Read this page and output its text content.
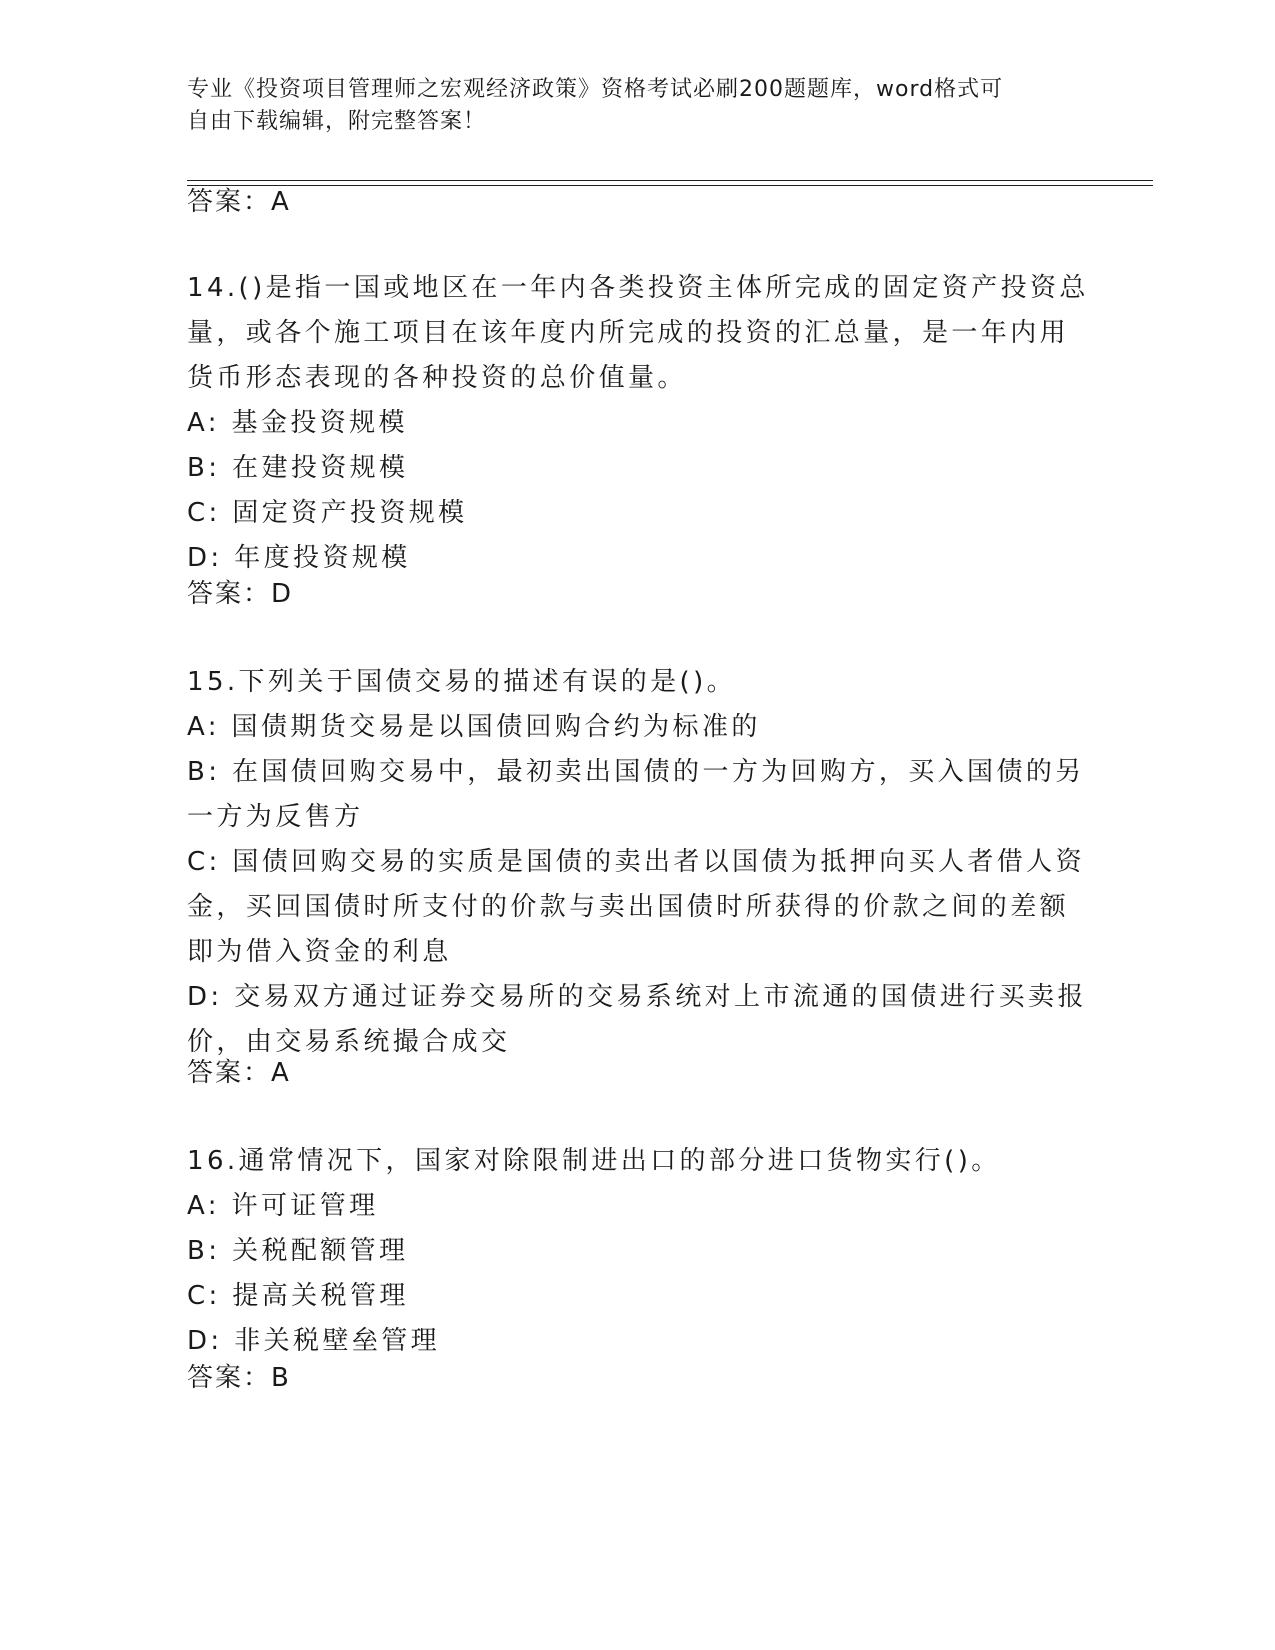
专业《投资项目管理师之宏观经济政策》资格考试必刷200题题库，word格式可
自由下载编辑，附完整答案！
答案：A
14.()是指一国或地区在一年内各类投资主体所完成的固定资产投资总
量，或各个施工项目在该年度内所完成的投资的汇总量，是一年内用
货币形态表现的各种投资的总价值量。
A: 基金投资规模
B: 在建投资规模
C: 固定资产投资规模
D: 年度投资规模
答案：D
15.下列关于国债交易的描述有误的是()。
A: 国债期货交易是以国债回购合约为标准的
B: 在国债回购交易中，最初卖出国债的一方为回购方，买入国债的另
一方为反售方
C: 国债回购交易的实质是国债的卖出者以国债为抵押向买人者借人资
金，买回国债时所支付的价款与卖出国债时所获得的价款之间的差额
即为借入资金的利息
D: 交易双方通过证券交易所的交易系统对上市流通的国债进行买卖报
价，由交易系统撮合成交
答案：A
16.通常情况下，国家对除限制进出口的部分进口货物实行()。
A: 许可证管理
B: 关税配额管理
C: 提高关税管理
D: 非关税壁垒管理
答案：B
